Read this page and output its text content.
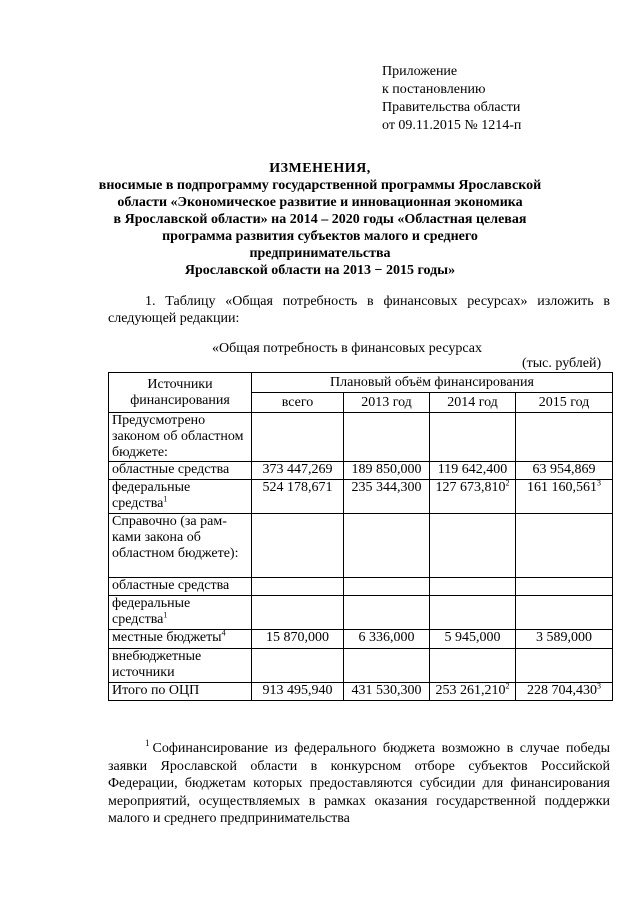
Приложение
к постановлению
Правительства области
от 09.11.2015 № 1214-п
ИЗМЕНЕНИЯ,
вносимые в подпрограмму государственной программы Ярославской
области «Экономическое развитие и инновационная экономика
в Ярославской области» на 2014 – 2020 годы «Областная целевая
программа развития субъектов малого и среднего предпринимательства
Ярославской области на 2013 − 2015 годы»
1. Таблицу «Общая потребность в финансовых ресурсах» изложить в следующей редакции:
«Общая потребность в финансовых ресурсах
(тыс. рублей)
Источники финансирования	Плановый объём финансирования			
	всего	2013 год	2014 год	2015 год
Предусмотрено законом об областном бюджете:				
областные средства	373 447,269	189 850,000	119 642,400	63 954,869
федеральные средства$^1$	524 178,671	235 344,300	127 673,810$^2$	161 160,561$^3$
Справочно (за рам-ками закона об областном бюджете):				
областные средства				
федеральные средства$^1$				
местные бюджеты$^4$	15 870,000	6 336,000	5 945,000	3 589,000
внебюджетные источники				
Итого по ОЦП	913 495,940	431 530,300	253 261,210$^2$	228 704,430$^3$
$^1$ Софинансирование из федерального бюджета возможно в случае победы заявки Ярославской области в конкурсном отборе субъектов Российской Федерации, бюджетам которых предоставляются субсидии для финансирования мероприятий, осуществляемых в рамках оказания государственной поддержки малого и среднего предпринимательства
